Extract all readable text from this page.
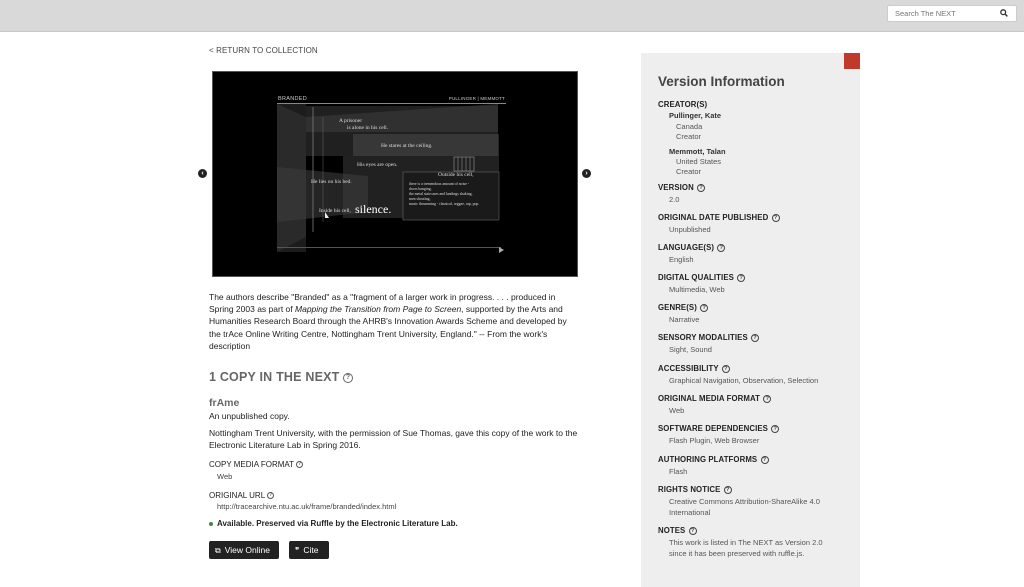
Search The NEXT
< RETURN TO COLLECTION
‹	›
BRANDED	PULLINGER | MEMMOTT
A prisoner
is alone in his cell.
He stares at the ceiling.
His eyes are open.
Outside his cell,
He lies on his bed.	there is a tremendous amount of noise -
doors banging,
the metal staircases and landings shaking,
men shouting,
music thrumming - classical, reggae, rap, pop.
Inside his cell, silence.

The authors describe "Branded" as a "fragment of a larger work in progress. . . . produced in Spring 2003 as part of Mapping the Transition from Page to Screen, supported by the Arts and Humanities Research Board through the AHRB's Innovation Awards Scheme and developed by the trAce Online Writing Centre, Nottingham Trent University, England." -- From the work's description

1 COPY IN THE NEXT ?
frAme
An unpublished copy.
Nottingham Trent University, with the permission of Sue Thomas, gave this copy of the work to the Electronic Literature Lab in Spring 2016.
COPY MEDIA FORMAT ?
Web
ORIGINAL URL ?
http://tracearchive.ntu.ac.uk/frame/branded/index.html
Available. Preserved via Ruffle by the Electronic Literature Lab.
⧉ View Online	❞ Cite
Version Information
CREATOR(S)
Pullinger, Kate
Canada
Creator
Memmott, Talan
United States
Creator
VERSION ?
2.0
ORIGINAL DATE PUBLISHED ?
Unpublished
LANGUAGE(S) ?
English
DIGITAL QUALITIES ?
Multimedia, Web
GENRE(S) ?
Narrative
SENSORY MODALITIES ?
Sight, Sound
ACCESSIBILITY ?
Graphical Navigation, Observation, Selection
ORIGINAL MEDIA FORMAT ?
Web
SOFTWARE DEPENDENCIES ?
Flash Plugin, Web Browser
AUTHORING PLATFORMS ?
Flash
RIGHTS NOTICE ?
Creative Commons Attribution-ShareAlike 4.0
International
NOTES ?
This work is listed in The NEXT as Version 2.0
since it has been preserved with ruffle.js.
